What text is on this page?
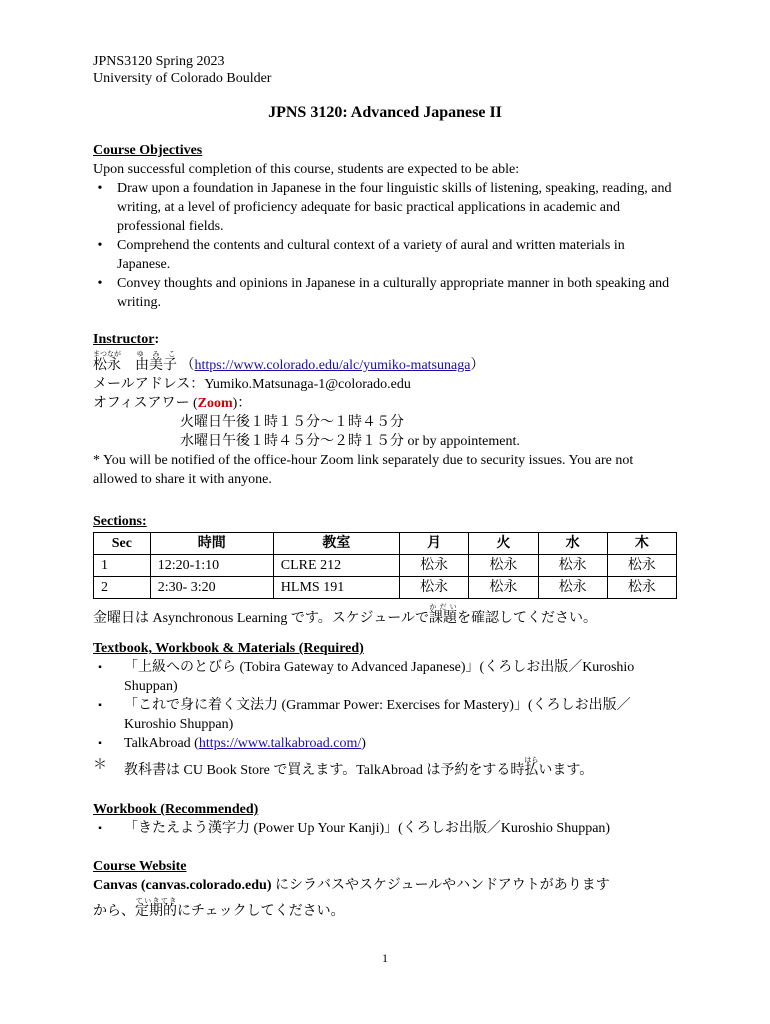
JPNS3120 Spring 2023
University of Colorado Boulder
JPNS 3120: Advanced Japanese II
Course Objectives
Upon successful completion of this course, students are expected to be able:
•	Draw upon a foundation in Japanese in the four linguistic skills of listening, speaking, reading, and writing, at a level of proficiency adequate for basic practical applications in academic and professional fields.
•	Comprehend the contents and cultural context of a variety of aural and written materials in Japanese.
•	Convey thoughts and opinions in Japanese in a culturally appropriate manner in both speaking and writing.
Instructor:
松永まつなが    由美子ゆ み こ （https://www.colorado.edu/alc/yumiko-matsunaga）
メールアドレス：Yumiko.Matsunaga-1@colorado.edu
オフィスアワー (Zoom)：
火曜日午後１時１５分～１時４５分
水曜日午後１時４５分～２時１５分 or by appointement.
* You will be notified of the office-hour Zoom link separately due to security issues. You are not allowed to share it with anyone.
Sections:
Sec	時間	教室	月	火	水	木
1	12:20-1:10	CLRE 212	松永	松永	松永	松永
2	2:30- 3:20	HLMS 191	松永	松永	松永	松永
金曜日は Asynchronous Learning です。スケジュールで課題か だ いを確認してください。
Textbook, Workbook & Materials (Required)
▪	「上級へのとびら (Tobira Gateway to Advanced Japanese)」(くろしお出版／Kuroshio Shuppan)
▪	「これで身に着く文法力 (Grammar Power: Exercises for Mastery)」(くろしお出版／Kuroshio Shuppan)
▪	TalkAbroad (https://www.talkabroad.com/)
＊ 教科書は CU Book Store で買えます。TalkAbroad は予約をする時払はらいます。
Workbook (Recommended)
▪	「きたえよう漢字力 (Power Up Your Kanji)」(くろしお出版／Kuroshio Shuppan)
Course Website
Canvas (canvas.colorado.edu) にシラバスやスケジュールやハンドアウトがあります
から、定期的ていきてきにチェックしてください。
1
